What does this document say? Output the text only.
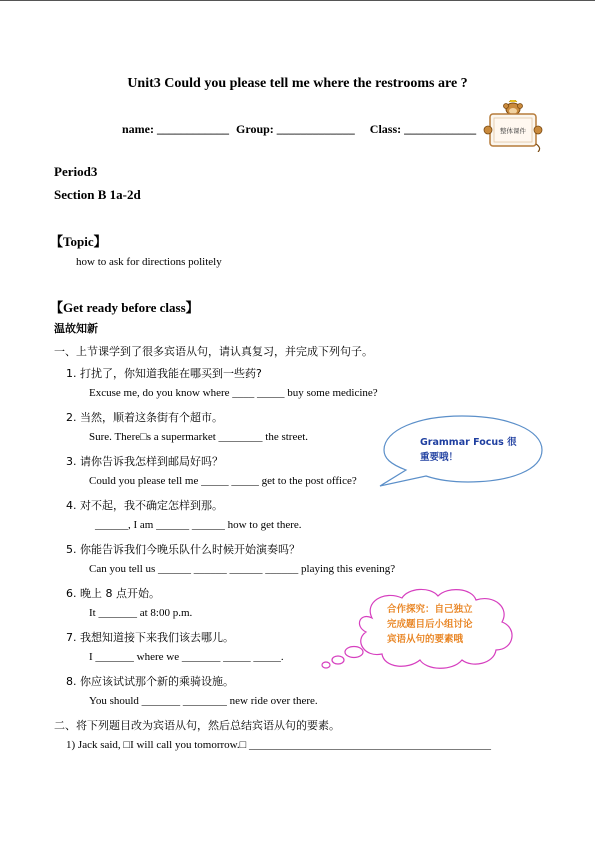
Unit3 Could you please tell me where the restrooms are ?
name: ____________ Group: _____________ Class: ____________	整体课件
Period3
Section B 1a-2d
【Topic】
how to ask for directions politely
【Get ready before class】
温故知新
一、上节课学到了很多宾语从句，请认真复习，并完成下列句子。
1. 打扰了，你知道我能在哪买到一些药?
Excuse me, do you know where ____ _____ buy some medicine?
2. 当然，顺着这条街有个超市。
Sure. There□s a supermarket ________ the street.
3. 请你告诉我怎样到邮局好吗？
Could you please tell me _____ _____ get to the post office?
4. 对不起，我不确定怎样到那。
______, I am ______ ______ how to get there.
5. 你能告诉我们今晚乐队什么时候开始演奏吗？
Can you tell us ______ ______ ______ ______ playing this evening?
6. 晚上 8 点开始。
It _______ at 8:00 p.m.
7. 我想知道接下来我们该去哪儿。
I _______ where we _______ _____ _____.
8. 你应该试试那个新的乘骑设施。
You should _______ ________ new ride over there.
二、将下列题目改为宾语从句，然后总结宾语从句的要素。
1) Jack said, □I will call you tomorrow.□ ____________________________________________
Grammar Focus 很
重要哦！
合作探究：自己独立
完成题目后小组讨论
宾语从句的要素哦
